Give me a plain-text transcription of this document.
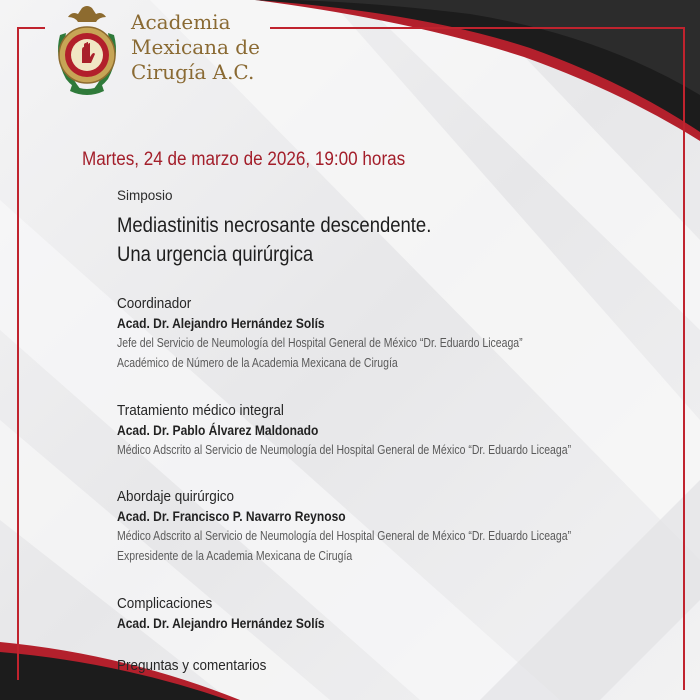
Academia
Mexicana de
Cirugía A.C.
Martes, 24 de marzo de 2026, 19:00 horas
Simposio
Mediastinitis necrosante descendente.
Una urgencia quirúrgica
Coordinador
Acad. Dr. Alejandro Hernández Solís
Jefe del Servicio de Neumología del Hospital General de México “Dr. Eduardo Liceaga”
Académico de Número de la Academia Mexicana de Cirugía
Tratamiento médico integral
Acad. Dr. Pablo Álvarez Maldonado
Médico Adscrito al Servicio de Neumología del Hospital General de México “Dr. Eduardo Liceaga”
Abordaje quirúrgico
Acad. Dr. Francisco P. Navarro Reynoso
Médico Adscrito al Servicio de Neumología del Hospital General de México “Dr. Eduardo Liceaga”
Expresidente de la Academia Mexicana de Cirugía
Complicaciones
Acad. Dr. Alejandro Hernández Solís
Preguntas y comentarios
